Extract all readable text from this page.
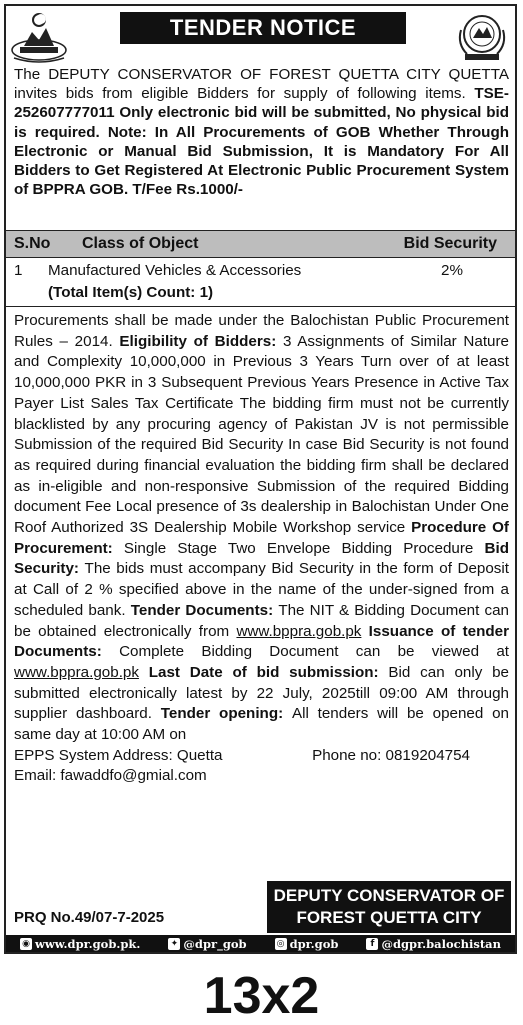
TENDER NOTICE
The DEPUTY CONSERVATOR OF FOREST QUETTA CITY QUETTA invites bids from eligible Bidders for supply of following items. TSE-252607777011 Only electronic bid will be submitted, No physical bid is required. Note: In All Procurements of GOB Whether Through Electronic or Manual Bid Submission, It is Mandatory For All Bidders to Get Registered At Electronic Public Procurement System of BPPRA GOB. T/Fee Rs.1000/-
S.No Class of Object	Bid Security
1 Manufactured Vehicles & Accessories	2%
(Total Item(s) Count: 1)
Procurements shall be made under the Balochistan Public Procurement Rules – 2014. Eligibility of Bidders: 3 Assignments of Similar Nature and Complexity 10,000,000 in Previous 3 Years Turn over of at least 10,000,000 PKR in 3 Subsequent Previous Years Presence in Active Tax Payer List Sales Tax Certificate The bidding firm must not be currently blacklisted by any procuring agency of Pakistan JV is not permissible Submission of the required Bid Security In case Bid Security is not found as required during financial evaluation the bidding firm shall be declared as in-eligible and non-responsive Submission of the required Bidding document Fee Local presence of 3s dealership in Balochistan Under One Roof Authorized 3S Dealership Mobile Workshop service Procedure Of Procurement: Single Stage Two Envelope Bidding Procedure Bid Security: The bids must accompany Bid Security in the form of Deposit at Call of 2 % specified above in the name of the under-signed from a scheduled bank. Tender Documents: The NIT & Bidding Document can be obtained electronically from www.bppra.gob.pk Issuance of tender Documents: Complete Bidding Document can be viewed at www.bppra.gob.pk Last Date of bid submission: Bid can only be submitted electronically latest by 22 July, 2025till 09:00 AM through supplier dashboard. Tender opening: All tenders will be opened on same day at 10:00 AM on
EPPS System Address: Quetta	Phone no: 0819204754
Email: fawaddfo@gmial.com
PRQ No.49/07-7-2025
DEPUTY CONSERVATOR OF
FOREST QUETTA CITY
◉ www.dpr.gob.pk.	✦ @dpr_gob	◎ dpr.gob	f @dgpr.balochistan
13x2
